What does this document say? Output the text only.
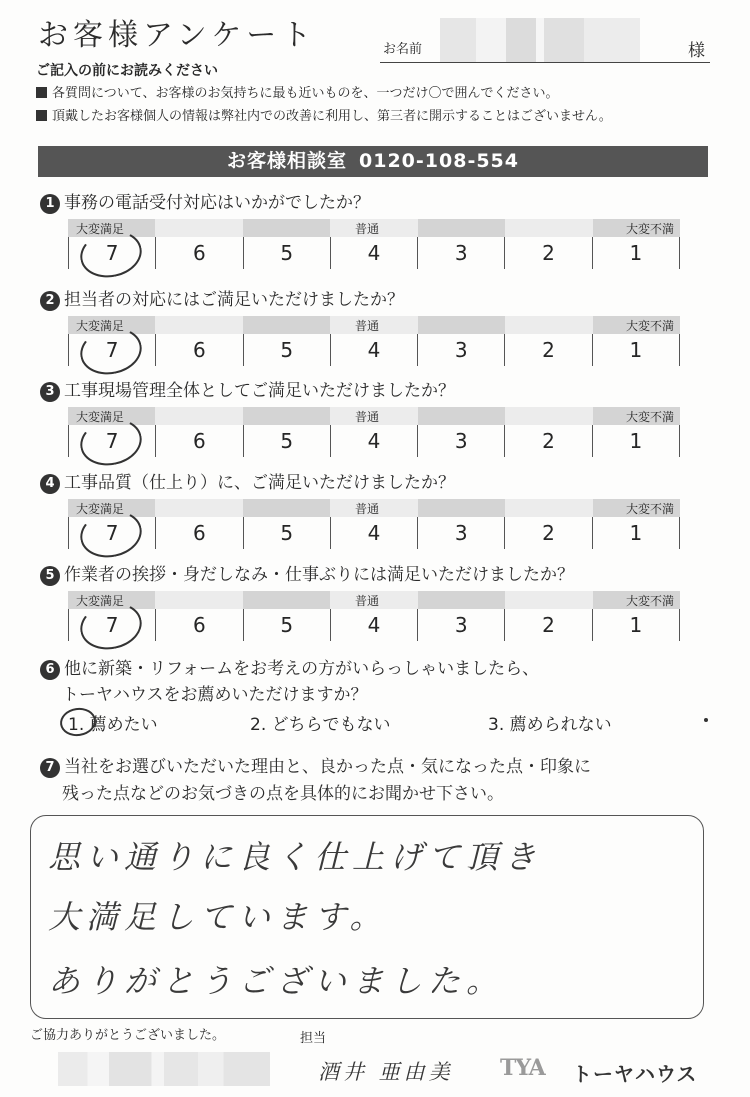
お客様アンケート	お名前	様
ご記入の前にお読みください
各質問について、お客様のお気持ちに最も近いものを、一つだけ〇で囲んでください。
頂戴したお客様個人の情報は弊社内での改善に利用し、第三者に開示することはございません。
お客様相談室 0120-108-554
1 事務の電話受付対応はいかがでしたか？
大変満足	普通	大変不満
7	6	5	4	3	2	1
2 担当者の対応にはご満足いただけましたか？
大変満足	普通	大変不満
7	6	5	4	3	2	1
3 工事現場管理全体としてご満足いただけましたか？
大変満足	普通	大変不満
7	6	5	4	3	2	1
4 工事品質（仕上り）に、ご満足いただけましたか？
大変満足	普通	大変不満
7	6	5	4	3	2	1
5 作業者の挨拶・身だしなみ・仕事ぶりには満足いただけましたか？
大変満足	普通	大変不満
7	6	5	4	3	2	1
6 他に新築・リフォームをお考えの方がいらっしゃいましたら、
トーヤハウスをお薦めいただけますか？
1. 薦めたい	2. どちらでもない	3. 薦められない
7 当社をお選びいただいた理由と、良かった点・気になった点・印象に
残った点などのお気づきの点を具体的にお聞かせ下さい。
思い通りに良く仕上げて頂き
大満足しています。
ありがとうございました。
ご協力ありがとうございました。	担当
酒井 亜由美 TYA トーヤハウス
